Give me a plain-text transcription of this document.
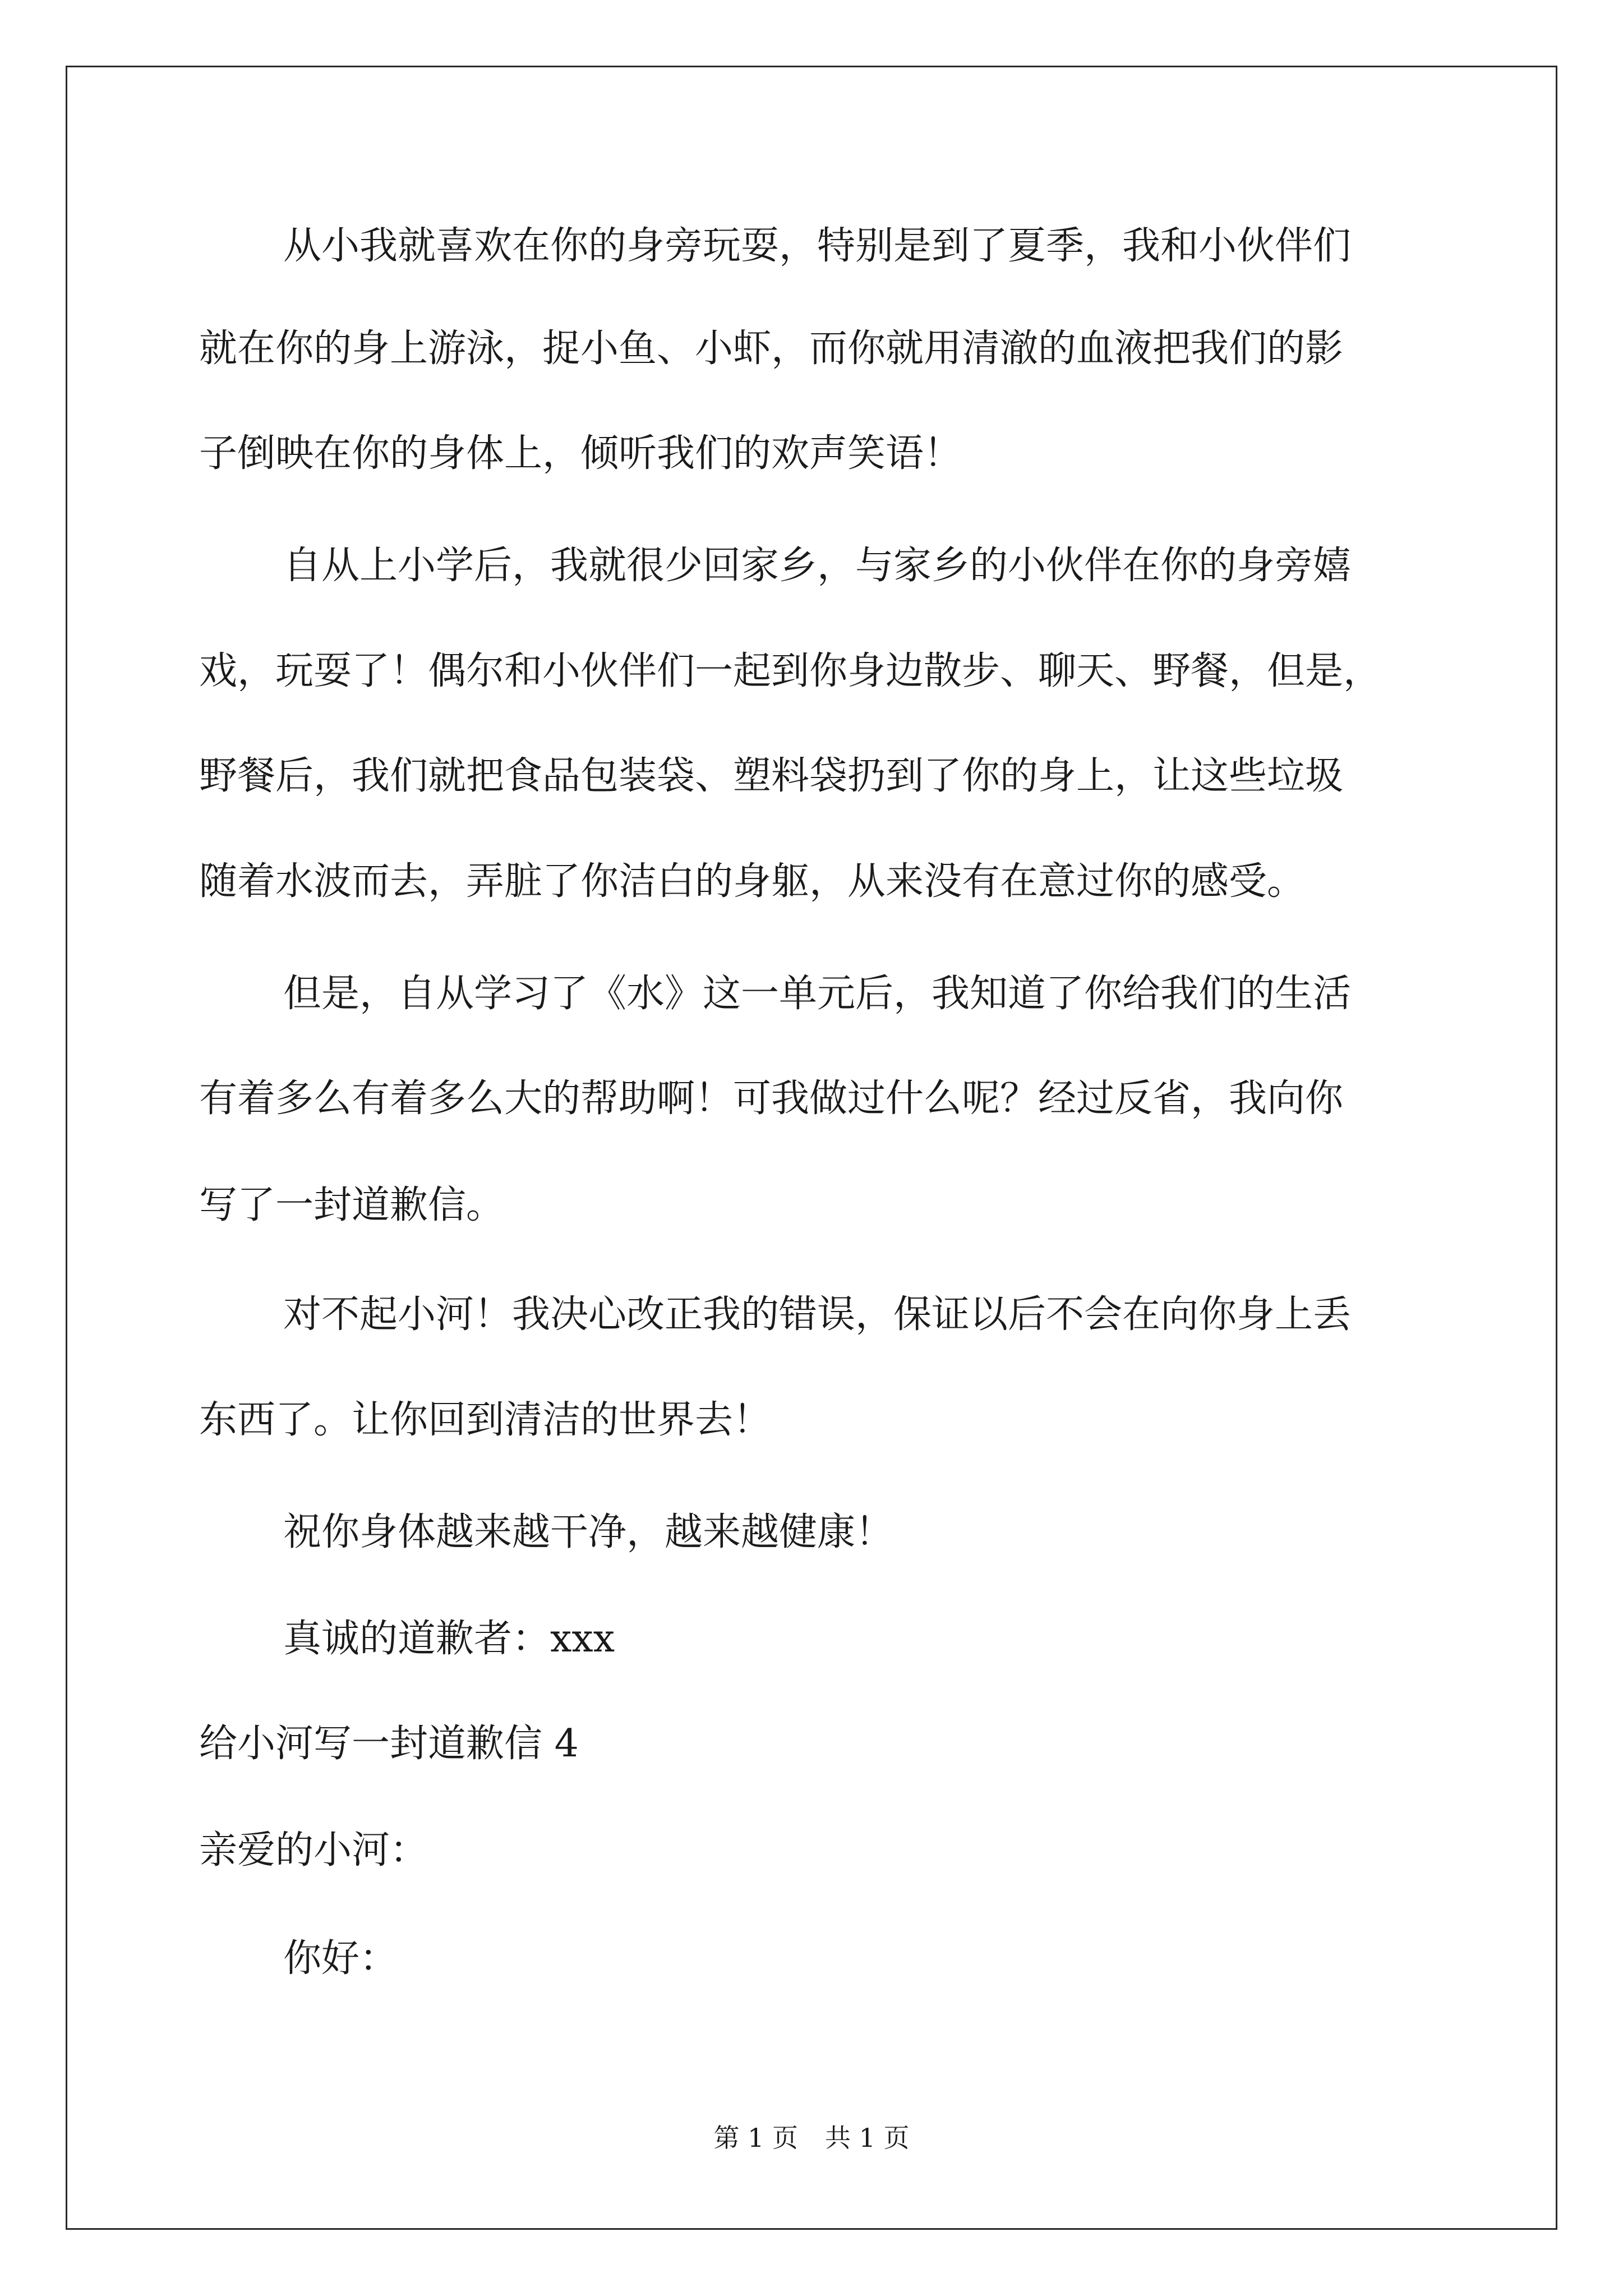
从小我就喜欢在你的身旁玩耍，特别是到了夏季，我和小伙伴们
就在你的身上游泳，捉小鱼、小虾，而你就用清澈的血液把我们的影
子倒映在你的身体上，倾听我们的欢声笑语！
自从上小学后，我就很少回家乡，与家乡的小伙伴在你的身旁嬉
戏，玩耍了！偶尔和小伙伴们一起到你身边散步、聊天、野餐，但是，
野餐后，我们就把食品包装袋、塑料袋扔到了你的身上，让这些垃圾
随着水波而去，弄脏了你洁白的身躯，从来没有在意过你的感受。
但是，自从学习了《水》这一单元后，我知道了你给我们的生活
有着多么有着多么大的帮助啊！可我做过什么呢？经过反省，我向你
写了一封道歉信。
对不起小河！我决心改正我的错误，保证以后不会在向你身上丢
东西了。让你回到清洁的世界去！
祝你身体越来越干净，越来越健康！
真诚的道歉者：xxx
给小河写一封道歉信 4
亲爱的小河：
你好：
第 1 页 共 1 页
